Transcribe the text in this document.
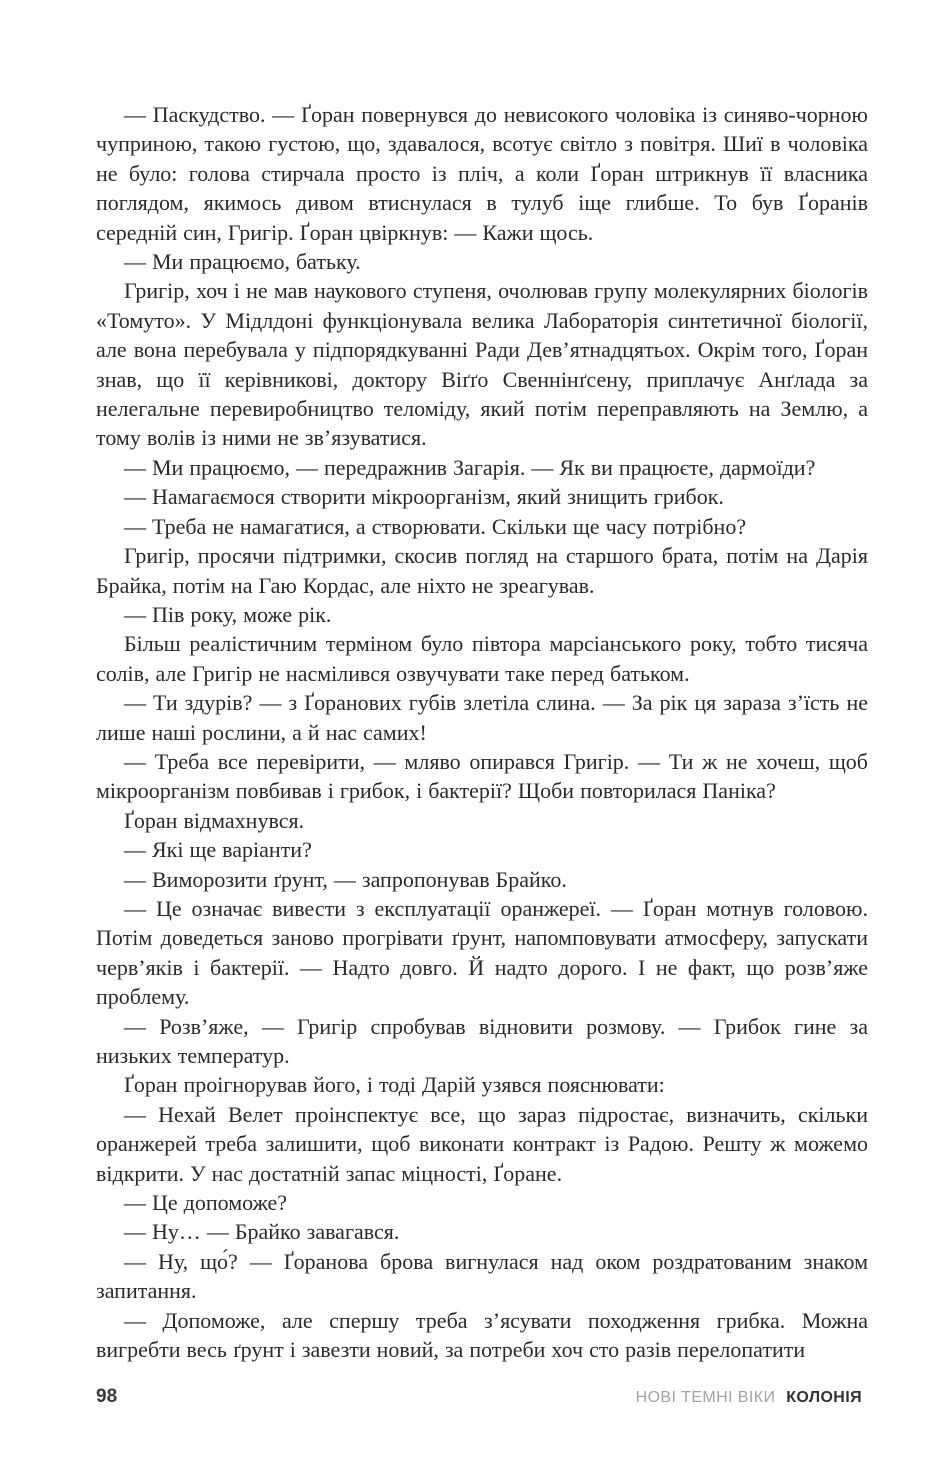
— Паскудство. — Ґоран повернувся до невисокого чоловіка із синяво-чорною чуприною, такою густою, що, здавалося, всотує світло з повітря. Шиї в чоловіка не було: голова стирчала просто із пліч, а коли Ґоран штрикнув її власника поглядом, якимось дивом втиснулася в тулуб іще глибше. То був Ґоранів середній син, Григір. Ґоран цвіркнув: — Кажи щось.

— Ми працюємо, батьку.

Григір, хоч і не мав наукового ступеня, очолював групу молекулярних біологів «Томуто». У Мідлдоні функціонувала велика Лабораторія синтетичної біології, але вона перебувала у підпорядкуванні Ради Дев’ятнадцятьох. Окрім того, Ґоран знав, що її керівникові, доктору Віґґо Свеннінґсену, приплачує Анґлада за нелегальне перевиробництво теломіду, який потім переправляють на Землю, а тому волів із ними не зв’язуватися.

— Ми працюємо, — передражнив Загарія. — Як ви працюєте, дармоїди?

— Намагаємося створити мікроорганізм, який знищить грибок.

— Треба не намагатися, а створювати. Скільки ще часу потрібно?

Григір, просячи підтримки, скосив погляд на старшого брата, потім на Дарія Брайка, потім на Гаю Кордас, але ніхто не зреагував.

— Пів року, може рік.

Більш реалістичним терміном було півтора марсіанського року, тобто тисяча солів, але Григір не насмілився озвучувати таке перед батьком.

— Ти здурів? — з Ґоранових губів злетіла слина. — За рік ця зараза з’їсть не лише наші рослини, а й нас самих!

— Треба все перевірити, — мляво опирався Григір. — Ти ж не хочеш, щоб мікроорганізм повбивав і грибок, і бактерії? Щоби повторилася Паніка?

Ґоран відмахнувся.

— Які ще варіанти?

— Виморозити ґрунт, — запропонував Брайко.

— Це означає вивести з експлуатації оранжереї. — Ґоран мотнув головою. Потім доведеться заново прогрівати ґрунт, напомповувати атмосферу, запускати черв’яків і бактерії. — Надто довго. Й надто дорого. І не факт, що розв’яже проблему.

— Розв’яже, — Григір спробував відновити розмову. — Грибок гине за низьких температур.

Ґоран проігнорував його, і тоді Дарій узявся пояснювати:

— Нехай Велет проінспектує все, що зараз підростає, визначить, скільки оранжерей треба залишити, щоб виконати контракт із Радою. Решту ж можемо відкрити. У нас достатній запас міцності, Ґоране.

— Це допоможе?

— Ну… — Брайко завагався.

— Ну, що́? — Ґоранова брова вигнулася над оком роздратованим знаком запитання.

— Допоможе, але спершу треба з’ясувати походження грибка. Можна вигребти весь ґрунт і завезти новий, за потреби хоч сто разів перелопатити

98	НОВІ ТЕМНІ ВІКИ КОЛОНІЯ
